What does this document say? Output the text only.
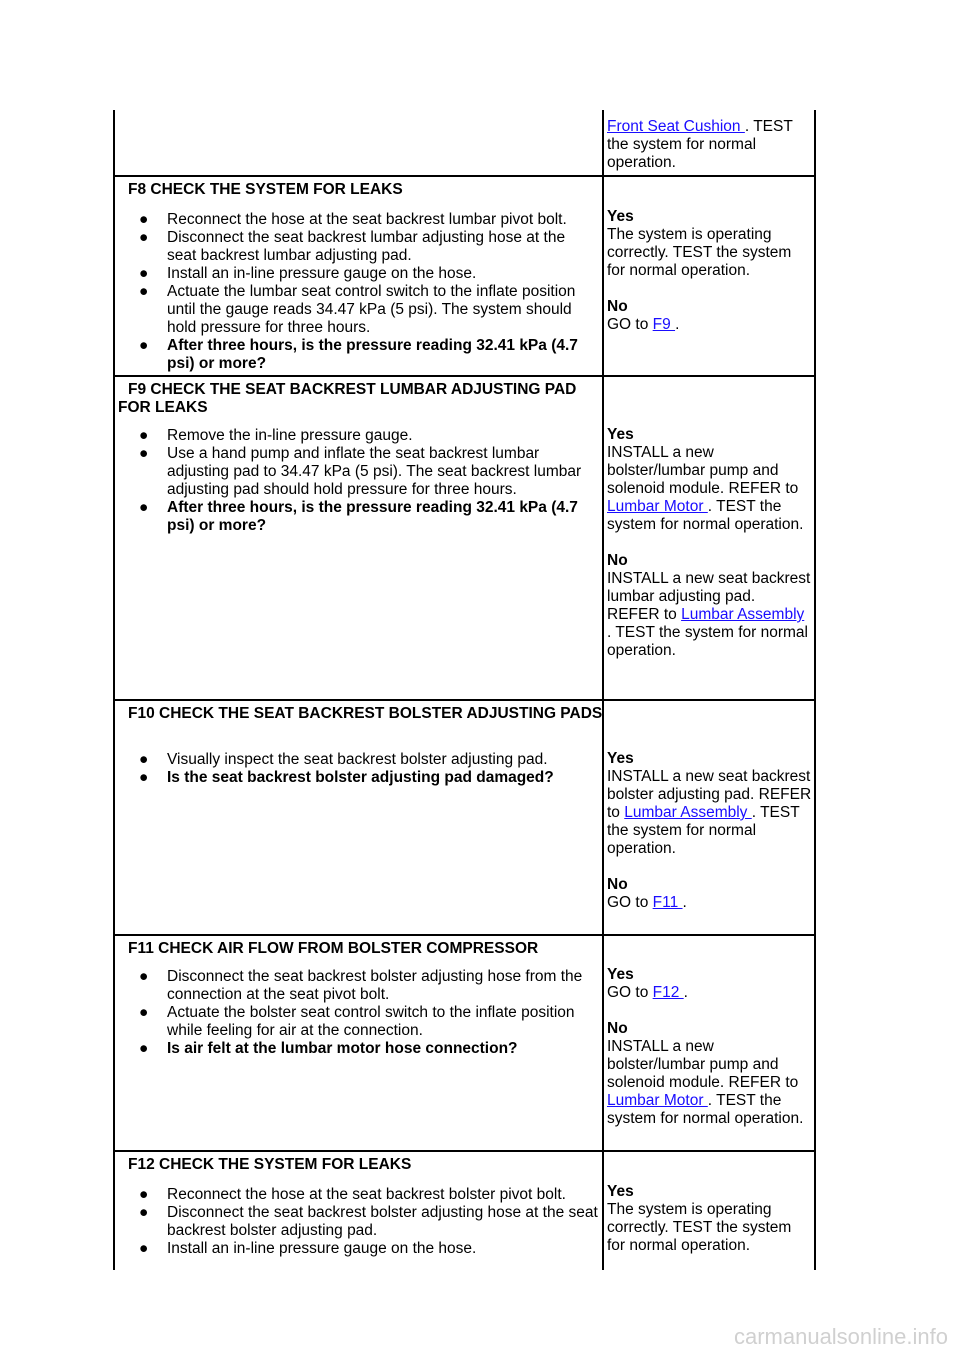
Front Seat Cushion . TEST the system for normal operation.
F8 CHECK THE SYSTEM FOR LEAKS
● Reconnect the hose at the seat backrest lumbar pivot bolt.
● Disconnect the seat backrest lumbar adjusting hose at the seat backrest lumbar adjusting pad.
● Install an in-line pressure gauge on the hose.
● Actuate the lumbar seat control switch to the inflate position until the gauge reads 34.47 kPa (5 psi). The system should hold pressure for three hours.
● After three hours, is the pressure reading 32.41 kPa (4.7 psi) or more?
Yes
The system is operating correctly. TEST the system for normal operation.
No
GO to F9 .
F9 CHECK THE SEAT BACKREST LUMBAR ADJUSTING PAD FOR LEAKS
● Remove the in-line pressure gauge.
● Use a hand pump and inflate the seat backrest lumbar adjusting pad to 34.47 kPa (5 psi). The seat backrest lumbar adjusting pad should hold pressure for three hours.
● After three hours, is the pressure reading 32.41 kPa (4.7 psi) or more?
Yes
INSTALL a new bolster/lumbar pump and solenoid module. REFER to Lumbar Motor . TEST the system for normal operation.
No
INSTALL a new seat backrest lumbar adjusting pad. REFER to Lumbar Assembly . TEST the system for normal operation.
F10 CHECK THE SEAT BACKREST BOLSTER ADJUSTING PADS
● Visually inspect the seat backrest bolster adjusting pad.
● Is the seat backrest bolster adjusting pad damaged?
Yes
INSTALL a new seat backrest bolster adjusting pad. REFER to Lumbar Assembly . TEST the system for normal operation.
No
GO to F11 .
F11 CHECK AIR FLOW FROM BOLSTER COMPRESSOR
● Disconnect the seat backrest bolster adjusting hose from the connection at the seat pivot bolt.
● Actuate the bolster seat control switch to the inflate position while feeling for air at the connection.
● Is air felt at the lumbar motor hose connection?
Yes
GO to F12 .
No
INSTALL a new bolster/lumbar pump and solenoid module. REFER to Lumbar Motor . TEST the system for normal operation.
F12 CHECK THE SYSTEM FOR LEAKS
● Reconnect the hose at the seat backrest bolster pivot bolt.
● Disconnect the seat backrest bolster adjusting hose at the seat backrest bolster adjusting pad.
● Install an in-line pressure gauge on the hose.
Yes
The system is operating correctly. TEST the system for normal operation.
carmanualsonline.info
